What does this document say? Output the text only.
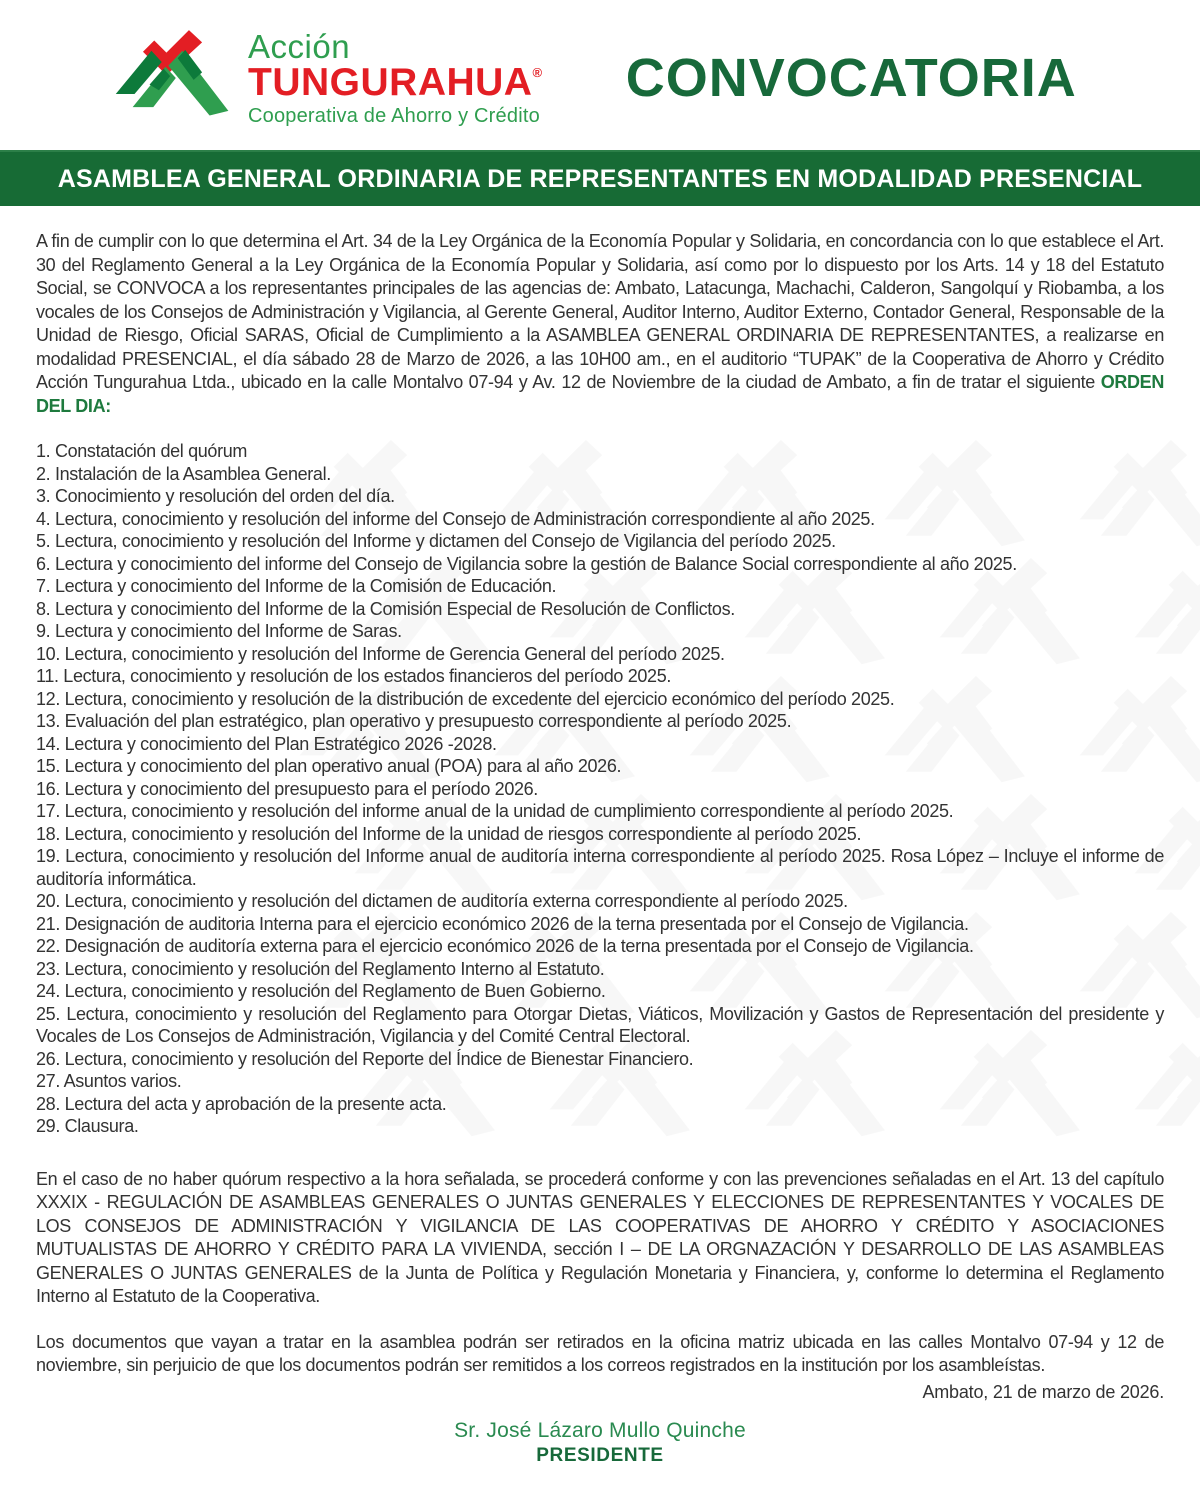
Acción
TUNGURAHUA®
Cooperativa de Ahorro y Crédito
CONVOCATORIA
ASAMBLEA GENERAL ORDINARIA DE REPRESENTANTES EN MODALIDAD PRESENCIAL

A fin de cumplir con lo que determina el Art. 34 de la Ley Orgánica de la Economía Popular y Solidaria, en concordancia con lo que establece el Art. 30 del Reglamento General a la Ley Orgánica de la Economía Popular y Solidaria, así como por lo dispuesto por los Arts. 14 y 18 del Estatuto Social, se CONVOCA a los representantes principales de las agencias de: Ambato, Latacunga, Machachi, Calderon, Sangolquí y Riobamba, a los vocales de los Consejos de Administración y Vigilancia, al Gerente General, Auditor Interno, Auditor Externo, Contador General, Responsable de la Unidad de Riesgo, Oficial SARAS, Oficial de Cumplimiento a la ASAMBLEA GENERAL ORDINARIA DE REPRESENTANTES, a realizarse en modalidad PRESENCIAL, el día sábado 28 de Marzo de 2026, a las 10H00 am., en el auditorio “TUPAK” de la Cooperativa de Ahorro y Crédito Acción Tungurahua Ltda., ubicado en la calle Montalvo 07-94 y Av. 12 de Noviembre de la ciudad de Ambato, a fin de tratar el siguiente ORDEN DEL DIA:

1. Constatación del quórum
2. Instalación de la Asamblea General.
3. Conocimiento y resolución del orden del día.
4. Lectura, conocimiento y resolución del informe del Consejo de Administración correspondiente al año 2025.
5. Lectura, conocimiento y resolución del Informe y dictamen del Consejo de Vigilancia del período 2025.
6. Lectura y conocimiento del informe del Consejo de Vigilancia sobre la gestión de Balance Social correspondiente al año 2025.
7. Lectura y conocimiento del Informe de la Comisión de Educación.
8. Lectura y conocimiento del Informe de la Comisión Especial de Resolución de Conflictos.
9. Lectura y conocimiento del Informe de Saras.
10. Lectura, conocimiento y resolución del Informe de Gerencia General del período 2025.
11. Lectura, conocimiento y resolución de los estados financieros del período 2025.
12. Lectura, conocimiento y resolución de la distribución de excedente del ejercicio económico del período 2025.
13. Evaluación del plan estratégico, plan operativo y presupuesto correspondiente al período 2025.
14. Lectura y conocimiento del Plan Estratégico 2026 -2028.
15. Lectura y conocimiento del plan operativo anual (POA) para al año 2026.
16. Lectura y conocimiento del presupuesto para el período 2026.
17. Lectura, conocimiento y resolución del informe anual de la unidad de cumplimiento correspondiente al período 2025.
18. Lectura, conocimiento y resolución del Informe de la unidad de riesgos correspondiente al período 2025.
19. Lectura, conocimiento y resolución del Informe anual de auditoría interna correspondiente al período 2025. Rosa López – Incluye el informe de auditoría informática.
20. Lectura, conocimiento y resolución del dictamen de auditoría externa correspondiente al período 2025.
21. Designación de auditoria Interna para el ejercicio económico 2026 de la terna presentada por el Consejo de Vigilancia.
22. Designación de auditoría externa para el ejercicio económico 2026 de la terna presentada por el Consejo de Vigilancia.
23. Lectura, conocimiento y resolución del Reglamento Interno al Estatuto.
24. Lectura, conocimiento y resolución del Reglamento de Buen Gobierno.
25. Lectura, conocimiento y resolución del Reglamento para Otorgar Dietas, Viáticos, Movilización y Gastos de Representación del presidente y Vocales de Los Consejos de Administración, Vigilancia y del Comité Central Electoral.
26. Lectura, conocimiento y resolución del Reporte del Índice de Bienestar Financiero.
27. Asuntos varios.
28. Lectura del acta y aprobación de la presente acta.
29. Clausura.

En el caso de no haber quórum respectivo a la hora señalada, se procederá conforme y con las prevenciones señaladas en el Art. 13 del capítulo XXXIX - REGULACIÓN DE ASAMBLEAS GENERALES O JUNTAS GENERALES Y ELECCIONES DE REPRESENTANTES Y VOCALES DE LOS CONSEJOS DE ADMINISTRACIÓN Y VIGILANCIA DE LAS COOPERATIVAS DE AHORRO Y CRÉDITO Y ASOCIACIONES MUTUALISTAS DE AHORRO Y CRÉDITO PARA LA VIVIENDA, sección I – DE LA ORGNAZACIÓN Y DESARROLLO DE LAS ASAMBLEAS GENERALES O JUNTAS GENERALES de la Junta de Política y Regulación Monetaria y Financiera, y, conforme lo determina el Reglamento Interno al Estatuto de la Cooperativa.

Los documentos que vayan a tratar en la asamblea podrán ser retirados en la oficina matriz ubicada en las calles Montalvo 07-94 y 12 de noviembre, sin perjuicio de que los documentos podrán ser remitidos a los correos registrados en la institución por los asambleístas.

Ambato, 21 de marzo de 2026.
Sr. José Lázaro Mullo Quinche
PRESIDENTE
